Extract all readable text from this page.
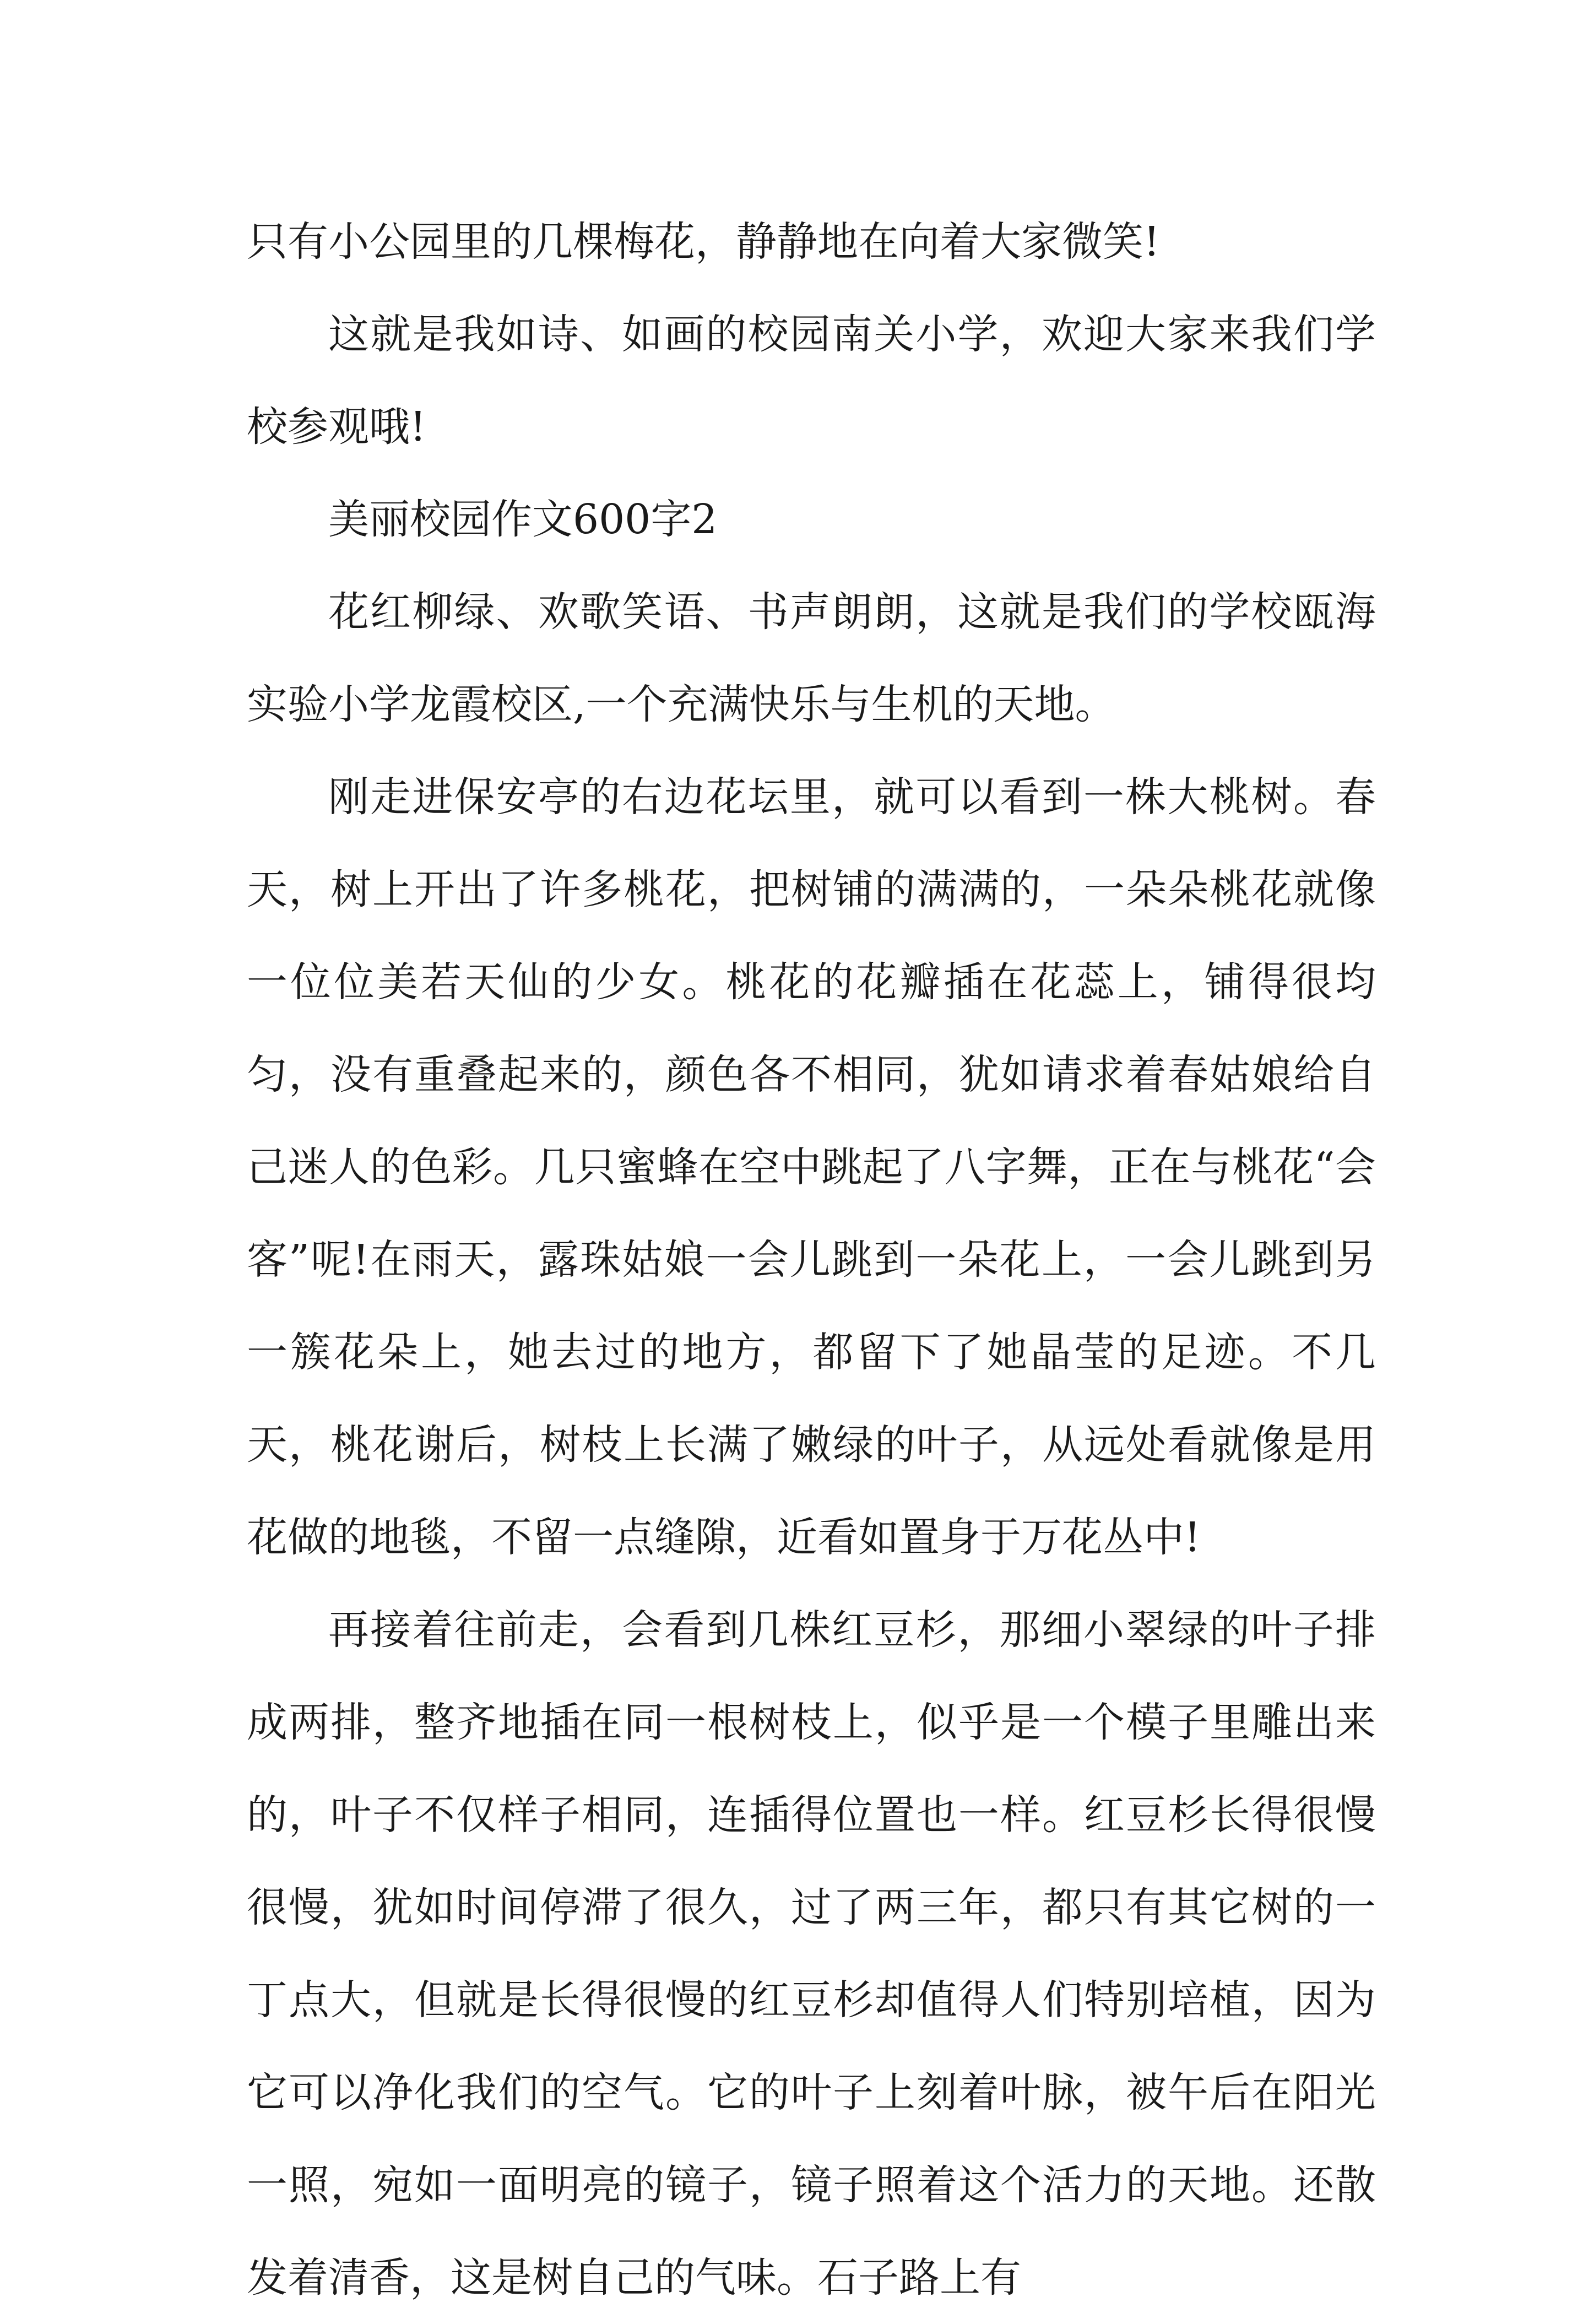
只有小公园里的几棵梅花，静静地在向着大家微笑!

这就是我如诗、如画的校园南关小学，欢迎大家来我们学校参观哦!

美丽校园作文600字2

花红柳绿、欢歌笑语、书声朗朗，这就是我们的学校瓯海实验小学龙霞校区,一个充满快乐与生机的天地。

刚走进保安亭的右边花坛里，就可以看到一株大桃树。春天，树上开出了许多桃花，把树铺的满满的，一朵朵桃花就像一位位美若天仙的少女。桃花的花瓣插在花蕊上，铺得很均匀，没有重叠起来的，颜色各不相同，犹如请求着春姑娘给自己迷人的色彩。几只蜜蜂在空中跳起了八字舞，正在与桃花“会客”呢!在雨天，露珠姑娘一会儿跳到一朵花上，一会儿跳到另一簇花朵上，她去过的地方，都留下了她晶莹的足迹。不几天，桃花谢后，树枝上长满了嫩绿的叶子，从远处看就像是用花做的地毯，不留一点缝隙，近看如置身于万花丛中!

再接着往前走，会看到几株红豆杉，那细小翠绿的叶子排成两排，整齐地插在同一根树枝上，似乎是一个模子里雕出来的，叶子不仅样子相同，连插得位置也一样。红豆杉长得很慢很慢，犹如时间停滞了很久，过了两三年，都只有其它树的一丁点大，但就是长得很慢的红豆杉却值得人们特别培植，因为它可以净化我们的空气。它的叶子上刻着叶脉，被午后在阳光一照，宛如一面明亮的镜子，镜子照着这个活力的天地。还散发着清香，这是树自己的气味。石子路上有
